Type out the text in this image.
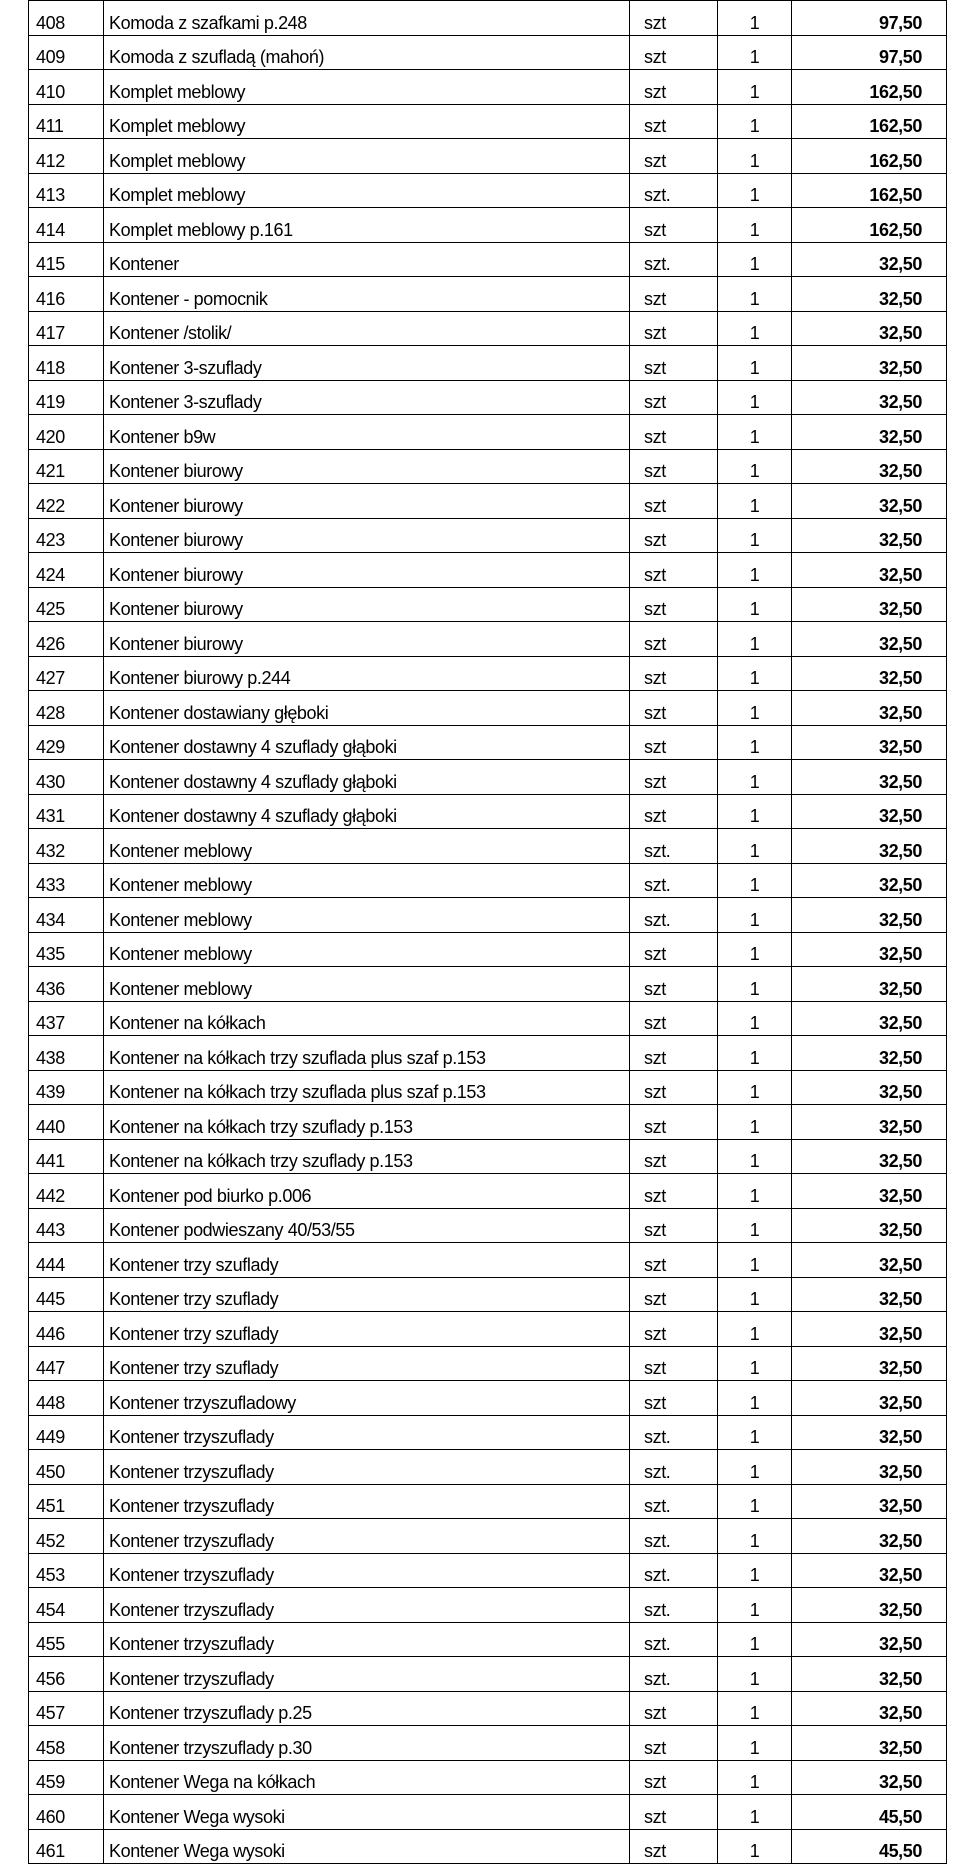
408	Komoda z szafkami p.248	szt	1	97,50
409	Komoda z szufladą (mahoń)	szt	1	97,50
410	Komplet meblowy	szt	1	162,50
411	Komplet meblowy	szt	1	162,50
412	Komplet meblowy	szt	1	162,50
413	Komplet meblowy	szt.	1	162,50
414	Komplet meblowy p.161	szt	1	162,50
415	Kontener	szt.	1	32,50
416	Kontener - pomocnik	szt	1	32,50
417	Kontener /stolik/	szt	1	32,50
418	Kontener 3-szuflady	szt	1	32,50
419	Kontener 3-szuflady	szt	1	32,50
420	Kontener b9w	szt	1	32,50
421	Kontener biurowy	szt	1	32,50
422	Kontener biurowy	szt	1	32,50
423	Kontener biurowy	szt	1	32,50
424	Kontener biurowy	szt	1	32,50
425	Kontener biurowy	szt	1	32,50
426	Kontener biurowy	szt	1	32,50
427	Kontener biurowy p.244	szt	1	32,50
428	Kontener dostawiany głęboki	szt	1	32,50
429	Kontener dostawny 4 szuflady głąboki	szt	1	32,50
430	Kontener dostawny 4 szuflady głąboki	szt	1	32,50
431	Kontener dostawny 4 szuflady głąboki	szt	1	32,50
432	Kontener meblowy	szt.	1	32,50
433	Kontener meblowy	szt.	1	32,50
434	Kontener meblowy	szt.	1	32,50
435	Kontener meblowy	szt	1	32,50
436	Kontener meblowy	szt	1	32,50
437	Kontener na kółkach	szt	1	32,50
438	Kontener na kółkach trzy szuflada plus szaf p.153	szt	1	32,50
439	Kontener na kółkach trzy szuflada plus szaf p.153	szt	1	32,50
440	Kontener na kółkach trzy szuflady p.153	szt	1	32,50
441	Kontener na kółkach trzy szuflady p.153	szt	1	32,50
442	Kontener pod biurko p.006	szt	1	32,50
443	Kontener podwieszany 40/53/55	szt	1	32,50
444	Kontener trzy szuflady	szt	1	32,50
445	Kontener trzy szuflady	szt	1	32,50
446	Kontener trzy szuflady	szt	1	32,50
447	Kontener trzy szuflady	szt	1	32,50
448	Kontener trzyszufladowy	szt	1	32,50
449	Kontener trzyszuflady	szt.	1	32,50
450	Kontener trzyszuflady	szt.	1	32,50
451	Kontener trzyszuflady	szt.	1	32,50
452	Kontener trzyszuflady	szt.	1	32,50
453	Kontener trzyszuflady	szt.	1	32,50
454	Kontener trzyszuflady	szt.	1	32,50
455	Kontener trzyszuflady	szt.	1	32,50
456	Kontener trzyszuflady	szt.	1	32,50
457	Kontener trzyszuflady p.25	szt	1	32,50
458	Kontener trzyszuflady p.30	szt	1	32,50
459	Kontener Wega na kółkach	szt	1	32,50
460	Kontener Wega wysoki	szt	1	45,50
461	Kontener Wega wysoki	szt	1	45,50
